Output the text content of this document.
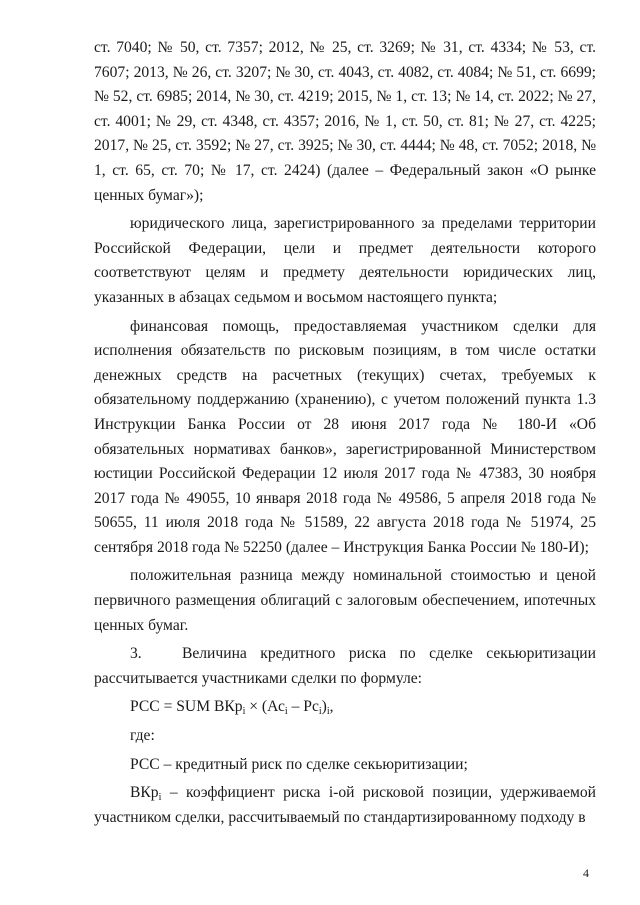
ст. 7040; № 50, ст. 7357; 2012, № 25, ст. 3269; № 31, ст. 4334; № 53, ст. 7607; 2013, № 26, ст. 3207; № 30, ст. 4043, ст. 4082, ст. 4084; № 51, ст. 6699; № 52, ст. 6985; 2014, № 30, ст. 4219; 2015, № 1, ст. 13; № 14, ст. 2022; № 27, ст. 4001; № 29, ст. 4348, ст. 4357; 2016, № 1, ст. 50, ст. 81; № 27, ст. 4225; 2017, № 25, ст. 3592; № 27, ст. 3925; № 30, ст. 4444; № 48, ст. 7052; 2018, № 1, ст. 65, ст. 70; № 17, ст. 2424) (далее – Федеральный закон «О рынке ценных бумаг»);

юридического лица, зарегистрированного за пределами территории Российской Федерации, цели и предмет деятельности которого соответствуют целям и предмету деятельности юридических лиц, указанных в абзацах седьмом и восьмом настоящего пункта;

финансовая помощь, предоставляемая участником сделки для исполнения обязательств по рисковым позициям, в том числе остатки денежных средств на расчетных (текущих) счетах, требуемых к обязательному поддержанию (хранению), с учетом положений пункта 1.3 Инструкции Банка России от 28 июня 2017 года № 180-И «Об обязательных нормативах банков», зарегистрированной Министерством юстиции Российской Федерации 12 июля 2017 года № 47383, 30 ноября 2017 года № 49055, 10 января 2018 года № 49586, 5 апреля 2018 года № 50655, 11 июля 2018 года № 51589, 22 августа 2018 года № 51974, 25 сентября 2018 года № 52250 (далее – Инструкция Банка России № 180-И);

положительная разница между номинальной стоимостью и ценой первичного размещения облигаций с залоговым обеспечением, ипотечных ценных бумаг.

3.   Величина кредитного риска по сделке секьюритизации рассчитывается участниками сделки по формуле:

РСС = SUM $ВКр_i \times (Ас_i - Рс_i)_i$,

где:

РСС – кредитный риск по сделке секьюритизации;

ВКр$_i$ – коэффициент риска i-ой рисковой позиции, удерживаемой участником сделки, рассчитываемый по стандартизированному подходу в

4
